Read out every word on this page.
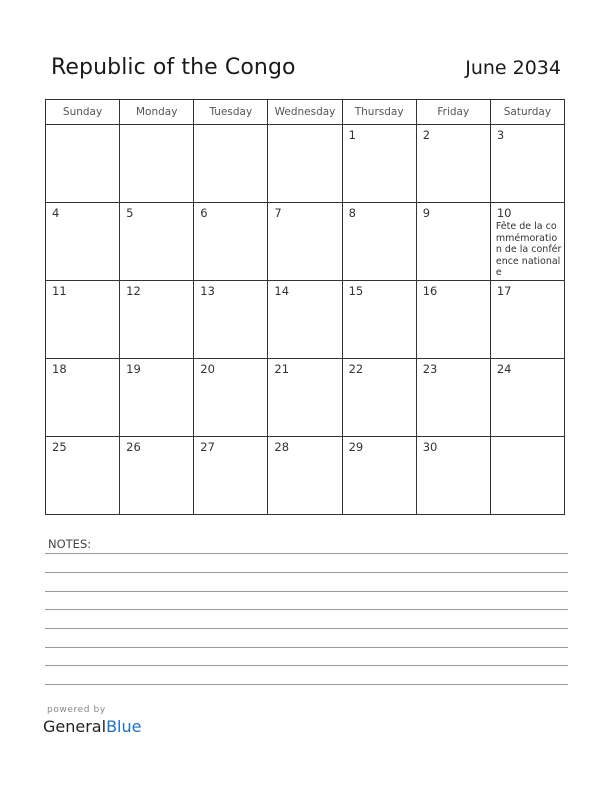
Republic of the Congo	June 2034
Sunday	Monday	Tuesday	Wednesday	Thursday	Friday	Saturday

				1	2	3

4	5	6	7	8	9	10
Fête de la commémoration de la conférence nationale

11	12	13	14	15	16	17

18	19	20	21	22	23	24

25	26	27	28	29	30	

NOTES:
powered by
GeneralBlue
